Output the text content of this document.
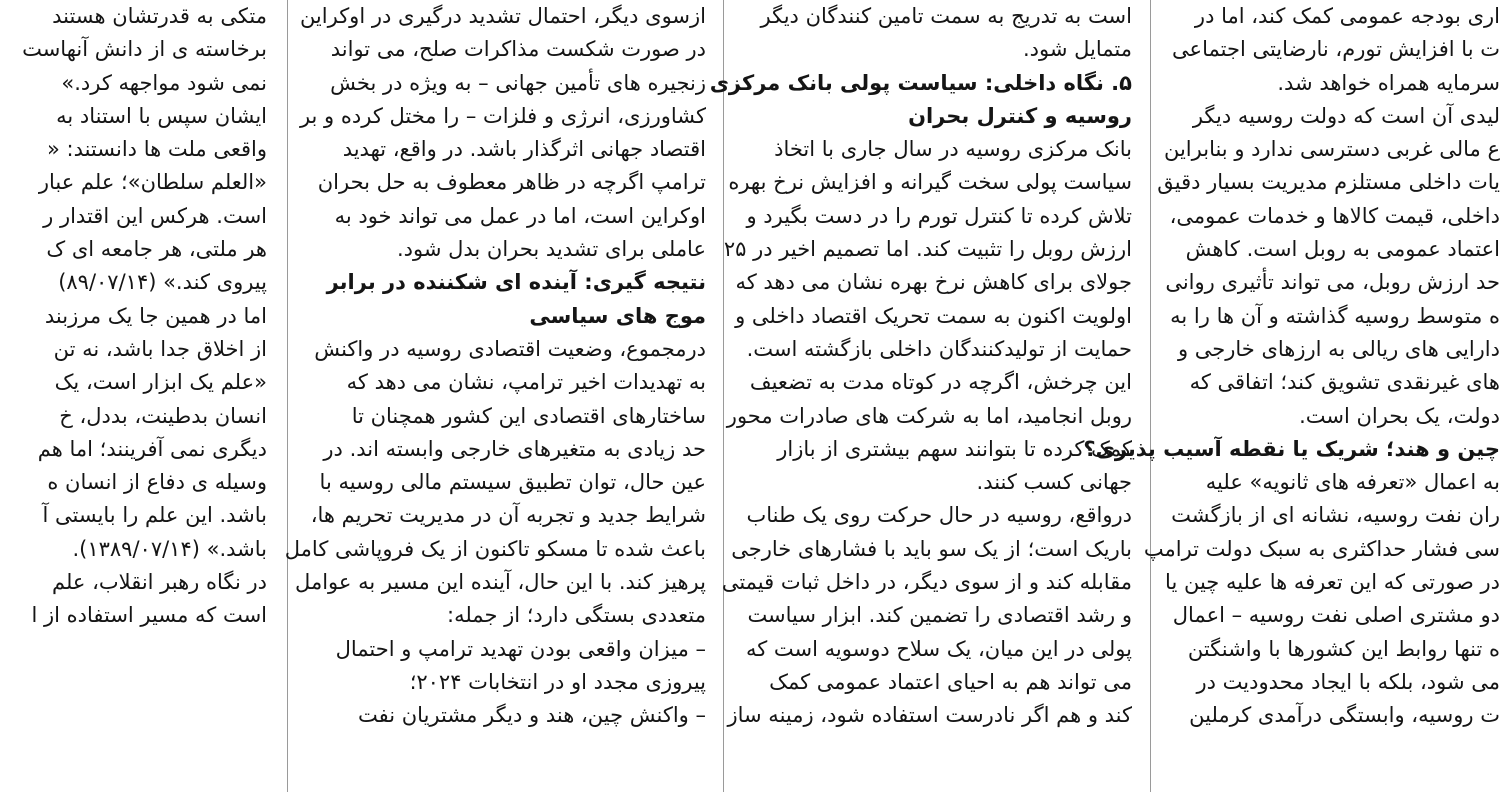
اری بودجه عمومی کمک کند، اما در
ت با افزایش تورم، نارضایتی اجتماعی
سرمایه همراه خواهد شد.
لیدی آن است که دولت روسیه دیگر
ع مالی غربی دسترسی ندارد و بنابراین
یات داخلی مستلزم مدیریت بسیار دقیق
داخلی، قیمت کالاها و خدمات عمومی،
اعتماد عمومی به روبل است. کاهش
حد ارزش روبل، می تواند تأثیری روانی
ه متوسط روسیه گذاشته و آن ها را به
دارایی های ریالی به ارزهای خارجی و
های غیرنقدی تشویق کند؛ اتفاقی که
دولت، یک بحران است.
چین و هند؛ شریک یا نقطه آسیب پذیری؟
به اعمال «تعرفه های ثانویه» علیه
ران نفت روسیه، نشانه ای از بازگشت
سی فشار حداکثری به سبک دولت ترامپ
در صورتی که این تعرفه ها علیه چین یا
دو مشتری اصلی نفت روسیه – اعمال
ه تنها روابط این کشورها با واشنگتن
می شود، بلکه با ایجاد محدودیت در
ت روسیه، وابستگی درآمدی کرملین
است به تدریج به سمت تامین کنندگان دیگر
متمایل شود.
۵. نگاه داخلی: سیاست پولی بانک مرکزی
روسیه و کنترل بحران
بانک مرکزی روسیه در سال جاری با اتخاذ
سیاست پولی سخت گیرانه و افزایش نرخ بهره
تلاش کرده تا کنترل تورم را در دست بگیرد و
ارزش روبل را تثبیت کند. اما تصمیم اخیر در ۲۵
جولای برای کاهش نرخ بهره نشان می دهد که
اولویت اکنون به سمت تحریک اقتصاد داخلی و
حمایت از تولیدکنندگان داخلی بازگشته است.
این چرخش، اگرچه در کوتاه مدت به تضعیف
روبل انجامید، اما به شرکت های صادرات محور
کمک کرده تا بتوانند سهم بیشتری از بازار
جهانی کسب کنند.
درواقع، روسیه در حال حرکت روی یک طناب
باریک است؛ از یک سو باید با فشارهای خارجی
مقابله کند و از سوی دیگر، در داخل ثبات قیمتی
و رشد اقتصادی را تضمین کند. ابزار سیاست
پولی در این میان، یک سلاح دوسویه است که
می تواند هم به احیای اعتماد عمومی کمک
کند و هم اگر نادرست استفاده شود، زمینه ساز
ازسوی دیگر، احتمال تشدید درگیری در اوکراین
در صورت شکست مذاکرات صلح، می تواند
زنجیره های تأمین جهانی – به ویژه در بخش
کشاورزی، انرژی و فلزات – را مختل کرده و بر
اقتصاد جهانی اثرگذار باشد. در واقع، تهدید
ترامپ اگرچه در ظاهر معطوف به حل بحران
اوکراین است، اما در عمل می تواند خود به
عاملی برای تشدید بحران بدل شود.
نتیجه گیری: آینده ای شکننده در برابر
موج های سیاسی
درمجموع، وضعیت اقتصادی روسیه در واکنش
به تهدیدات اخیر ترامپ، نشان می دهد که
ساختارهای اقتصادی این کشور همچنان تا
حد زیادی به متغیرهای خارجی وابسته اند. در
عین حال، توان تطبیق سیستم مالی روسیه با
شرایط جدید و تجربه آن در مدیریت تحریم ها،
باعث شده تا مسکو تاکنون از یک فروپاشی کامل
پرهیز کند. با این حال، آینده این مسیر به عوامل
متعددی بستگی دارد؛ از جمله:
– میزان واقعی بودن تهدید ترامپ و احتمال
پیروزی مجدد او در انتخابات ۲۰۲۴؛
– واکنش چین، هند و دیگر مشتریان نفت
متکی به قدرتشان هستند
برخاسته ی از دانش آنهاست
نمی شود مواجهه کرد.»
ایشان سپس با استناد به
واقعی ملت ها دانستند: «
«العلم سلطان»؛ علم عبار
است. هرکس این اقتدار ر
هر ملتی، هر جامعه ای ک
پیروی کند.» (۸۹/۰۷/۱۴)
اما در همین جا یک مرزبند
از اخلاق جدا باشد، نه تن
«علم یک ابزار است، یک
انسان بدطینت، بددل، خ
دیگری نمی آفرینند؛ اما هم
وسیله ی دفاع از انسان ه
باشد. این علم را بایستی آ
باشد.» (۱۳۸۹/۰۷/۱۴).
در نگاه رهبر انقلاب، علم
است که مسیر استفاده از ا
